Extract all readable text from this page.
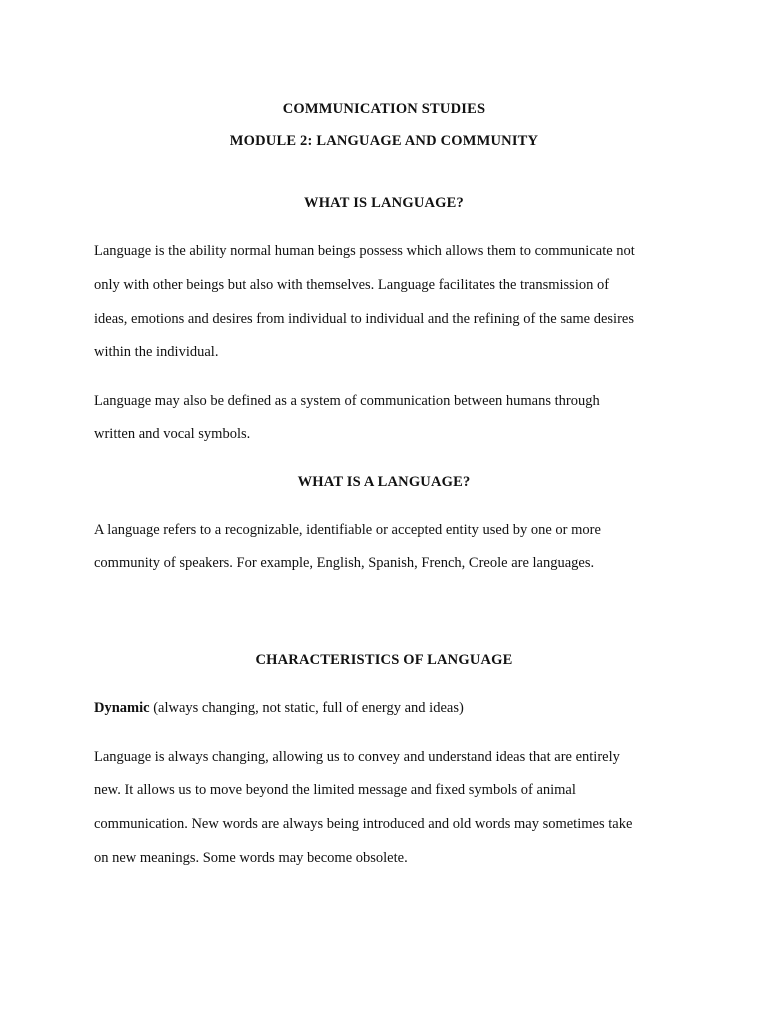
COMMUNICATION STUDIES

MODULE 2: LANGUAGE AND COMMUNITY

WHAT IS LANGUAGE?

Language is the ability normal human beings possess which allows them to communicate not

only with other beings but also with themselves. Language facilitates the transmission of

ideas, emotions and desires from individual to individual and the refining of the same desires

within the individual.

Language may also be defined as a system of communication between humans through

written and vocal symbols.

WHAT IS A LANGUAGE?

A language refers to a recognizable, identifiable or accepted entity used by one or more

community of speakers. For example, English, Spanish, French, Creole are languages.

CHARACTERISTICS OF LANGUAGE

Dynamic (always changing, not static, full of energy and ideas)

Language is always changing, allowing us to convey and understand ideas that are entirely

new. It allows us to move beyond the limited message and fixed symbols of animal

communication. New words are always being introduced and old words may sometimes take

on new meanings. Some words may become obsolete.
